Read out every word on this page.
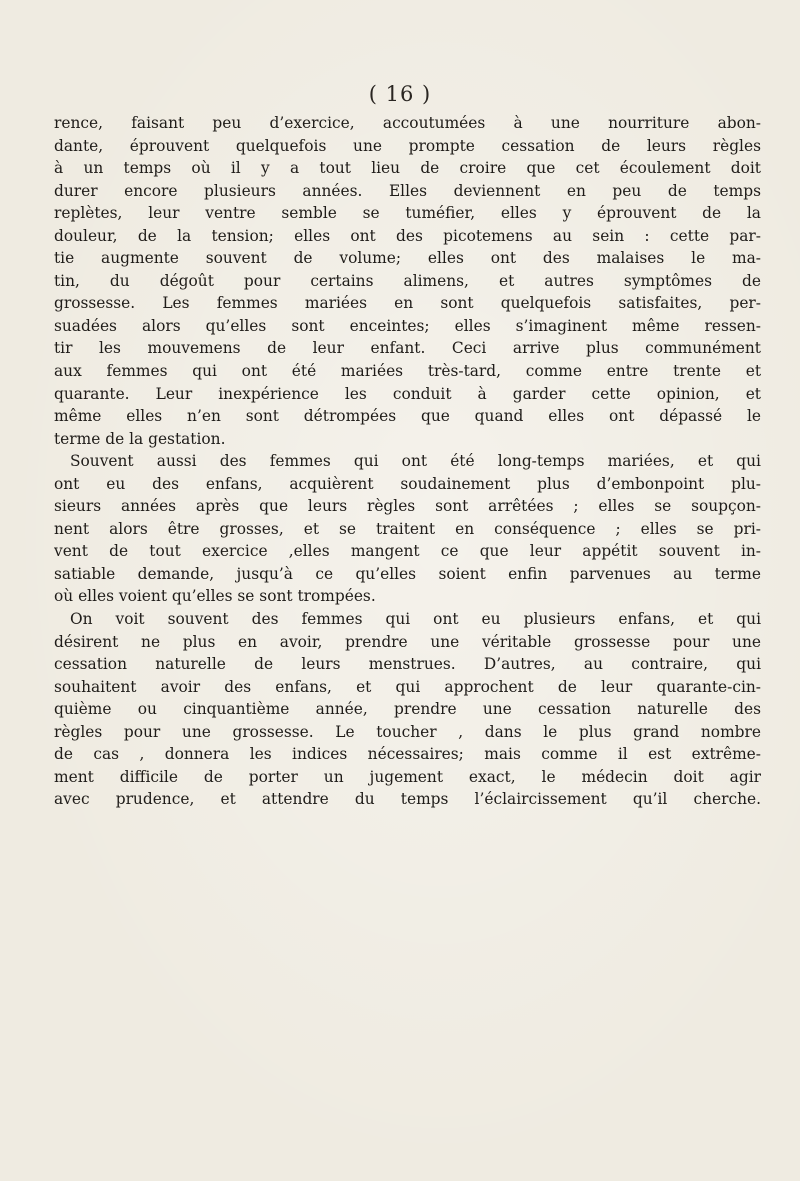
( 16 )
rence, faisant peu d’exercice, accoutumées à une nourriture abon-
dante, éprouvent quelquefois une prompte cessation de leurs règles
à un temps où il y a tout lieu de croire que cet écoulement doit
durer encore plusieurs années. Elles deviennent en peu de temps
replètes, leur ventre semble se tuméfier, elles y éprouvent de la
douleur, de la tension; elles ont des picotemens au sein : cette par-
tie augmente souvent de volume; elles ont des malaises le ma-
tin, du dégoût pour certains alimens, et autres symptômes de
grossesse. Les femmes mariées en sont quelquefois satisfaites, per-
suadées alors qu’elles sont enceintes; elles s’imaginent même ressen-
tir les mouvemens de leur enfant. Ceci arrive plus communément
aux femmes qui ont été mariées très-tard, comme entre trente et
quarante. Leur inexpérience les conduit à garder cette opinion, et
même elles n’en sont détrompées que quand elles ont dépassé le
terme de la gestation.
Souvent aussi des femmes qui ont été long-temps mariées, et qui
ont eu des enfans, acquièrent soudainement plus d’embonpoint plu-
sieurs années après que leurs règles sont arrêtées ; elles se soupçon-
nent alors être grosses, et se traitent en conséquence ; elles se pri-
vent de tout exercice ,elles mangent ce que leur appétit souvent in-
satiable demande, jusqu’à ce qu’elles soient enfin parvenues au terme
où elles voient qu’elles se sont trompées.
On voit souvent des femmes qui ont eu plusieurs enfans, et qui
désirent ne plus en avoir, prendre une véritable grossesse pour une
cessation naturelle de leurs menstrues. D’autres, au contraire, qui
souhaitent avoir des enfans, et qui approchent de leur quarante-cin-
quième ou cinquantième année, prendre une cessation naturelle des
règles pour une grossesse. Le toucher , dans le plus grand nombre
de cas , donnera les indices nécessaires; mais comme il est extrême-
ment difficile de porter un jugement exact, le médecin doit agir
avec prudence, et attendre du temps l’éclaircissement qu’il cherche.
